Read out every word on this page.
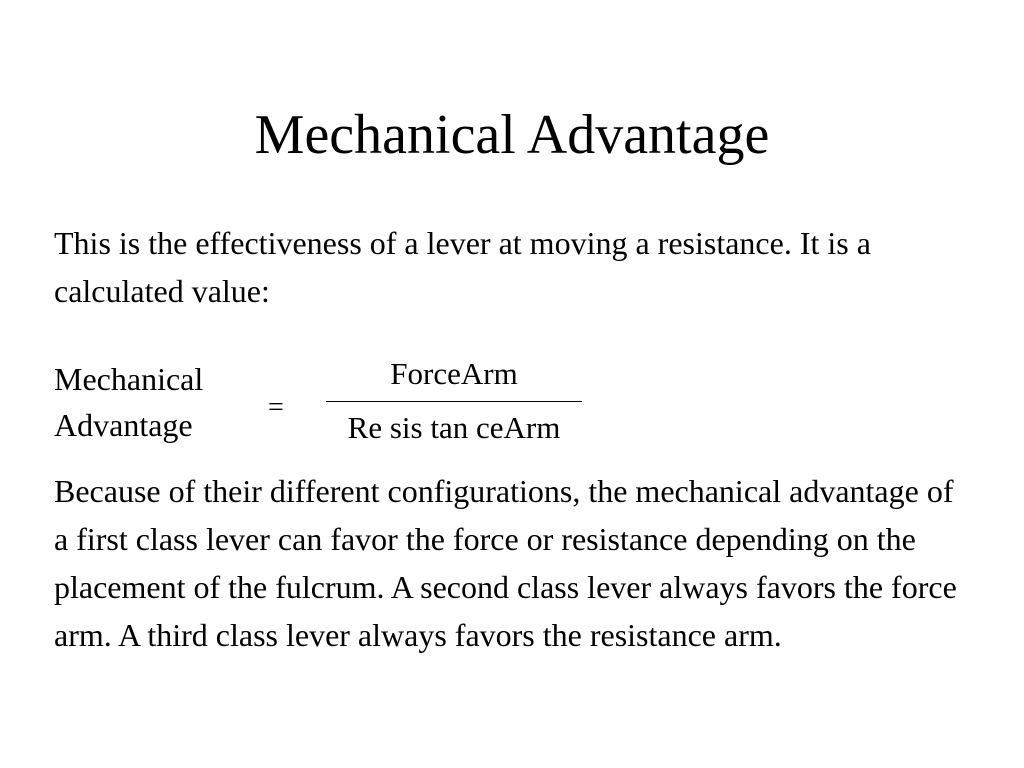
Mechanical Advantage
This is the effectiveness of a lever at moving a resistance. It is a calculated value:
Mechanical
Advantage	=
ForceArm
Re sis tan ceArm
Because of their different configurations, the mechanical advantage of a first class lever can favor the force or resistance depending on the placement of the fulcrum. A second class lever always favors the force arm. A third class lever always favors the resistance arm.
